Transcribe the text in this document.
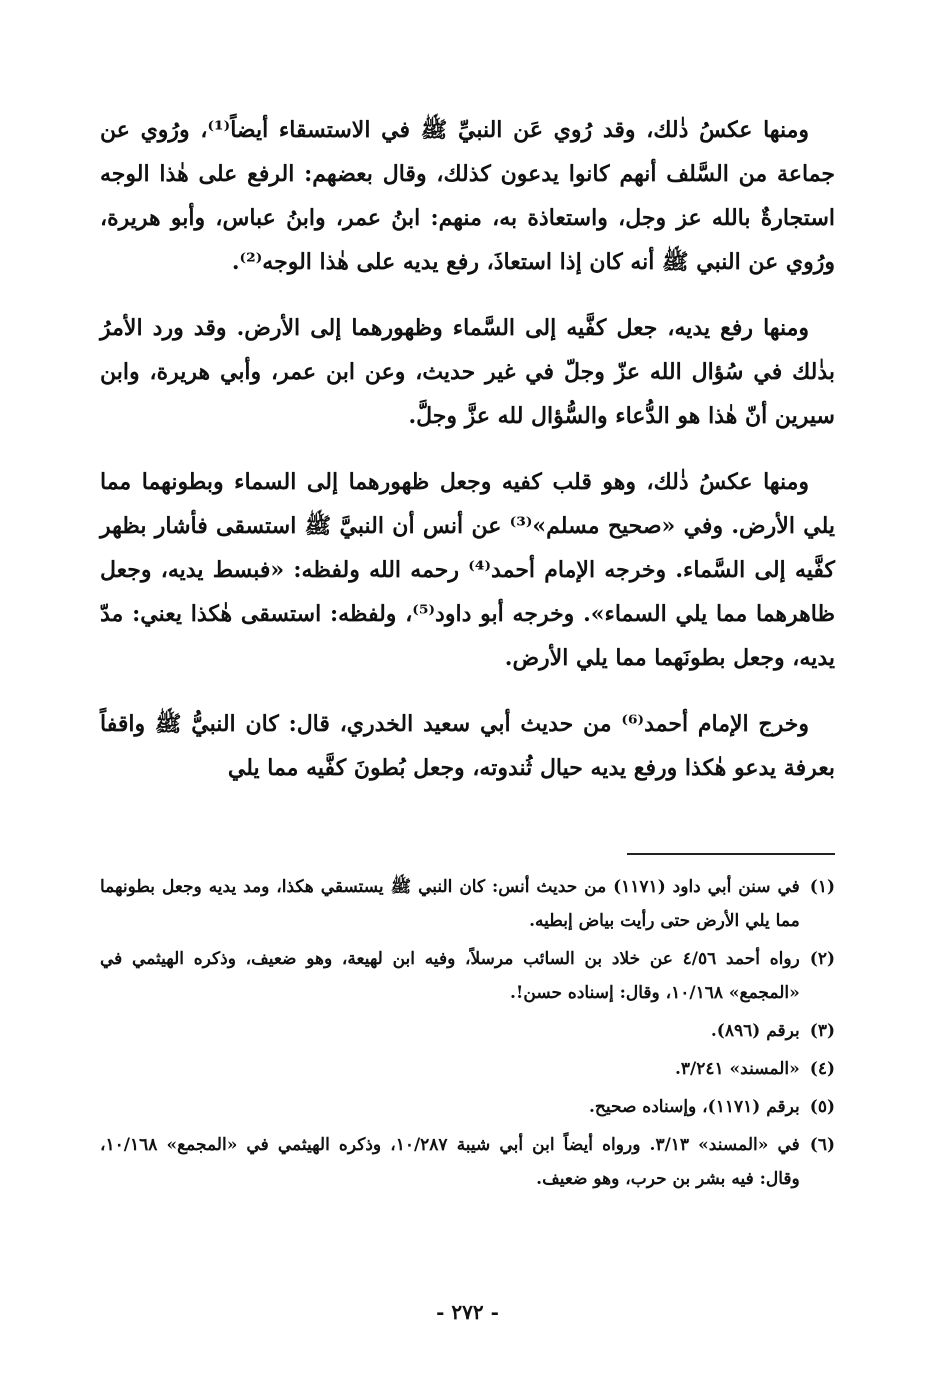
ومنها عكسُ ذٰلك، وقد رُوي عَن النبيِّ ﷺ في الاستسقاء أيضاً⁽¹⁾، ورُوي عن جماعة من السَّلف أنهم كانوا يدعون كذلك، وقال بعضهم: الرفع على هٰذا الوجه استجارةٌ بالله عز وجل، واستعاذة به، منهم: ابنُ عمر، وابنُ عباس، وأبو هريرة، ورُوي عن النبي ﷺ أنه كان إذا استعاذَ، رفع يديه على هٰذا الوجه⁽²⁾.

ومنها رفع يديه، جعل كفَّيه إلى السَّماء وظهورهما إلى الأرض. وقد ورد الأمرُ بذٰلك في سُؤال الله عزّ وجلّ في غير حديث، وعن ابن عمر، وأبي هريرة، وابن سيرين أنّ هٰذا هو الدُّعاء والسُّؤال لله عزَّ وجلَّ.

ومنها عكسُ ذٰلك، وهو قلب كفيه وجعل ظهورهما إلى السماء وبطونهما مما يلي الأرض. وفي «صحيح مسلم»⁽³⁾ عن أنس أن النبيَّ ﷺ استسقى فأشار بظهر كفَّيه إلى السَّماء. وخرجه الإمام أحمد⁽⁴⁾ رحمه الله ولفظه: «فبسط يديه، وجعل ظاهرهما مما يلي السماء». وخرجه أبو داود⁽⁵⁾، ولفظه: استسقى هٰكذا يعني: مدّ يديه، وجعل بطونَهما مما يلي الأرض.

وخرج الإمام أحمد⁽⁶⁾ من حديث أبي سعيد الخدري، قال: كان النبيُّ ﷺ واقفاً بعرفة يدعو هٰكذا ورفع يديه حيال ثُندوته، وجعل بُطونَ كفَّيه مما يلي

(١)
في سنن أبي داود (١١٧١) من حديث أنس: كان النبي ﷺ يستسقي هكذا، ومد يديه وجعل بطونهما مما يلي الأرض حتى رأيت بياض إبطيه.
(٢)
رواه أحمد ٤/٥٦ عن خلاد بن السائب مرسلاً، وفيه ابن لهيعة، وهو ضعيف، وذكره الهيثمي في «المجمع» ١٠/١٦٨، وقال: إسناده حسن!.
(٣)
برقم (٨٩٦).
(٤)
«المسند» ٣/٢٤١.
(٥)
برقم (١١٧١)، وإسناده صحيح.
(٦)
في «المسند» ٣/١٣. ورواه أيضاً ابن أبي شيبة ١٠/٢٨٧، وذكره الهيثمي في «المجمع» ١٠/١٦٨، وقال: فيه بشر بن حرب، وهو ضعيف.
- ٢٧٢ -
